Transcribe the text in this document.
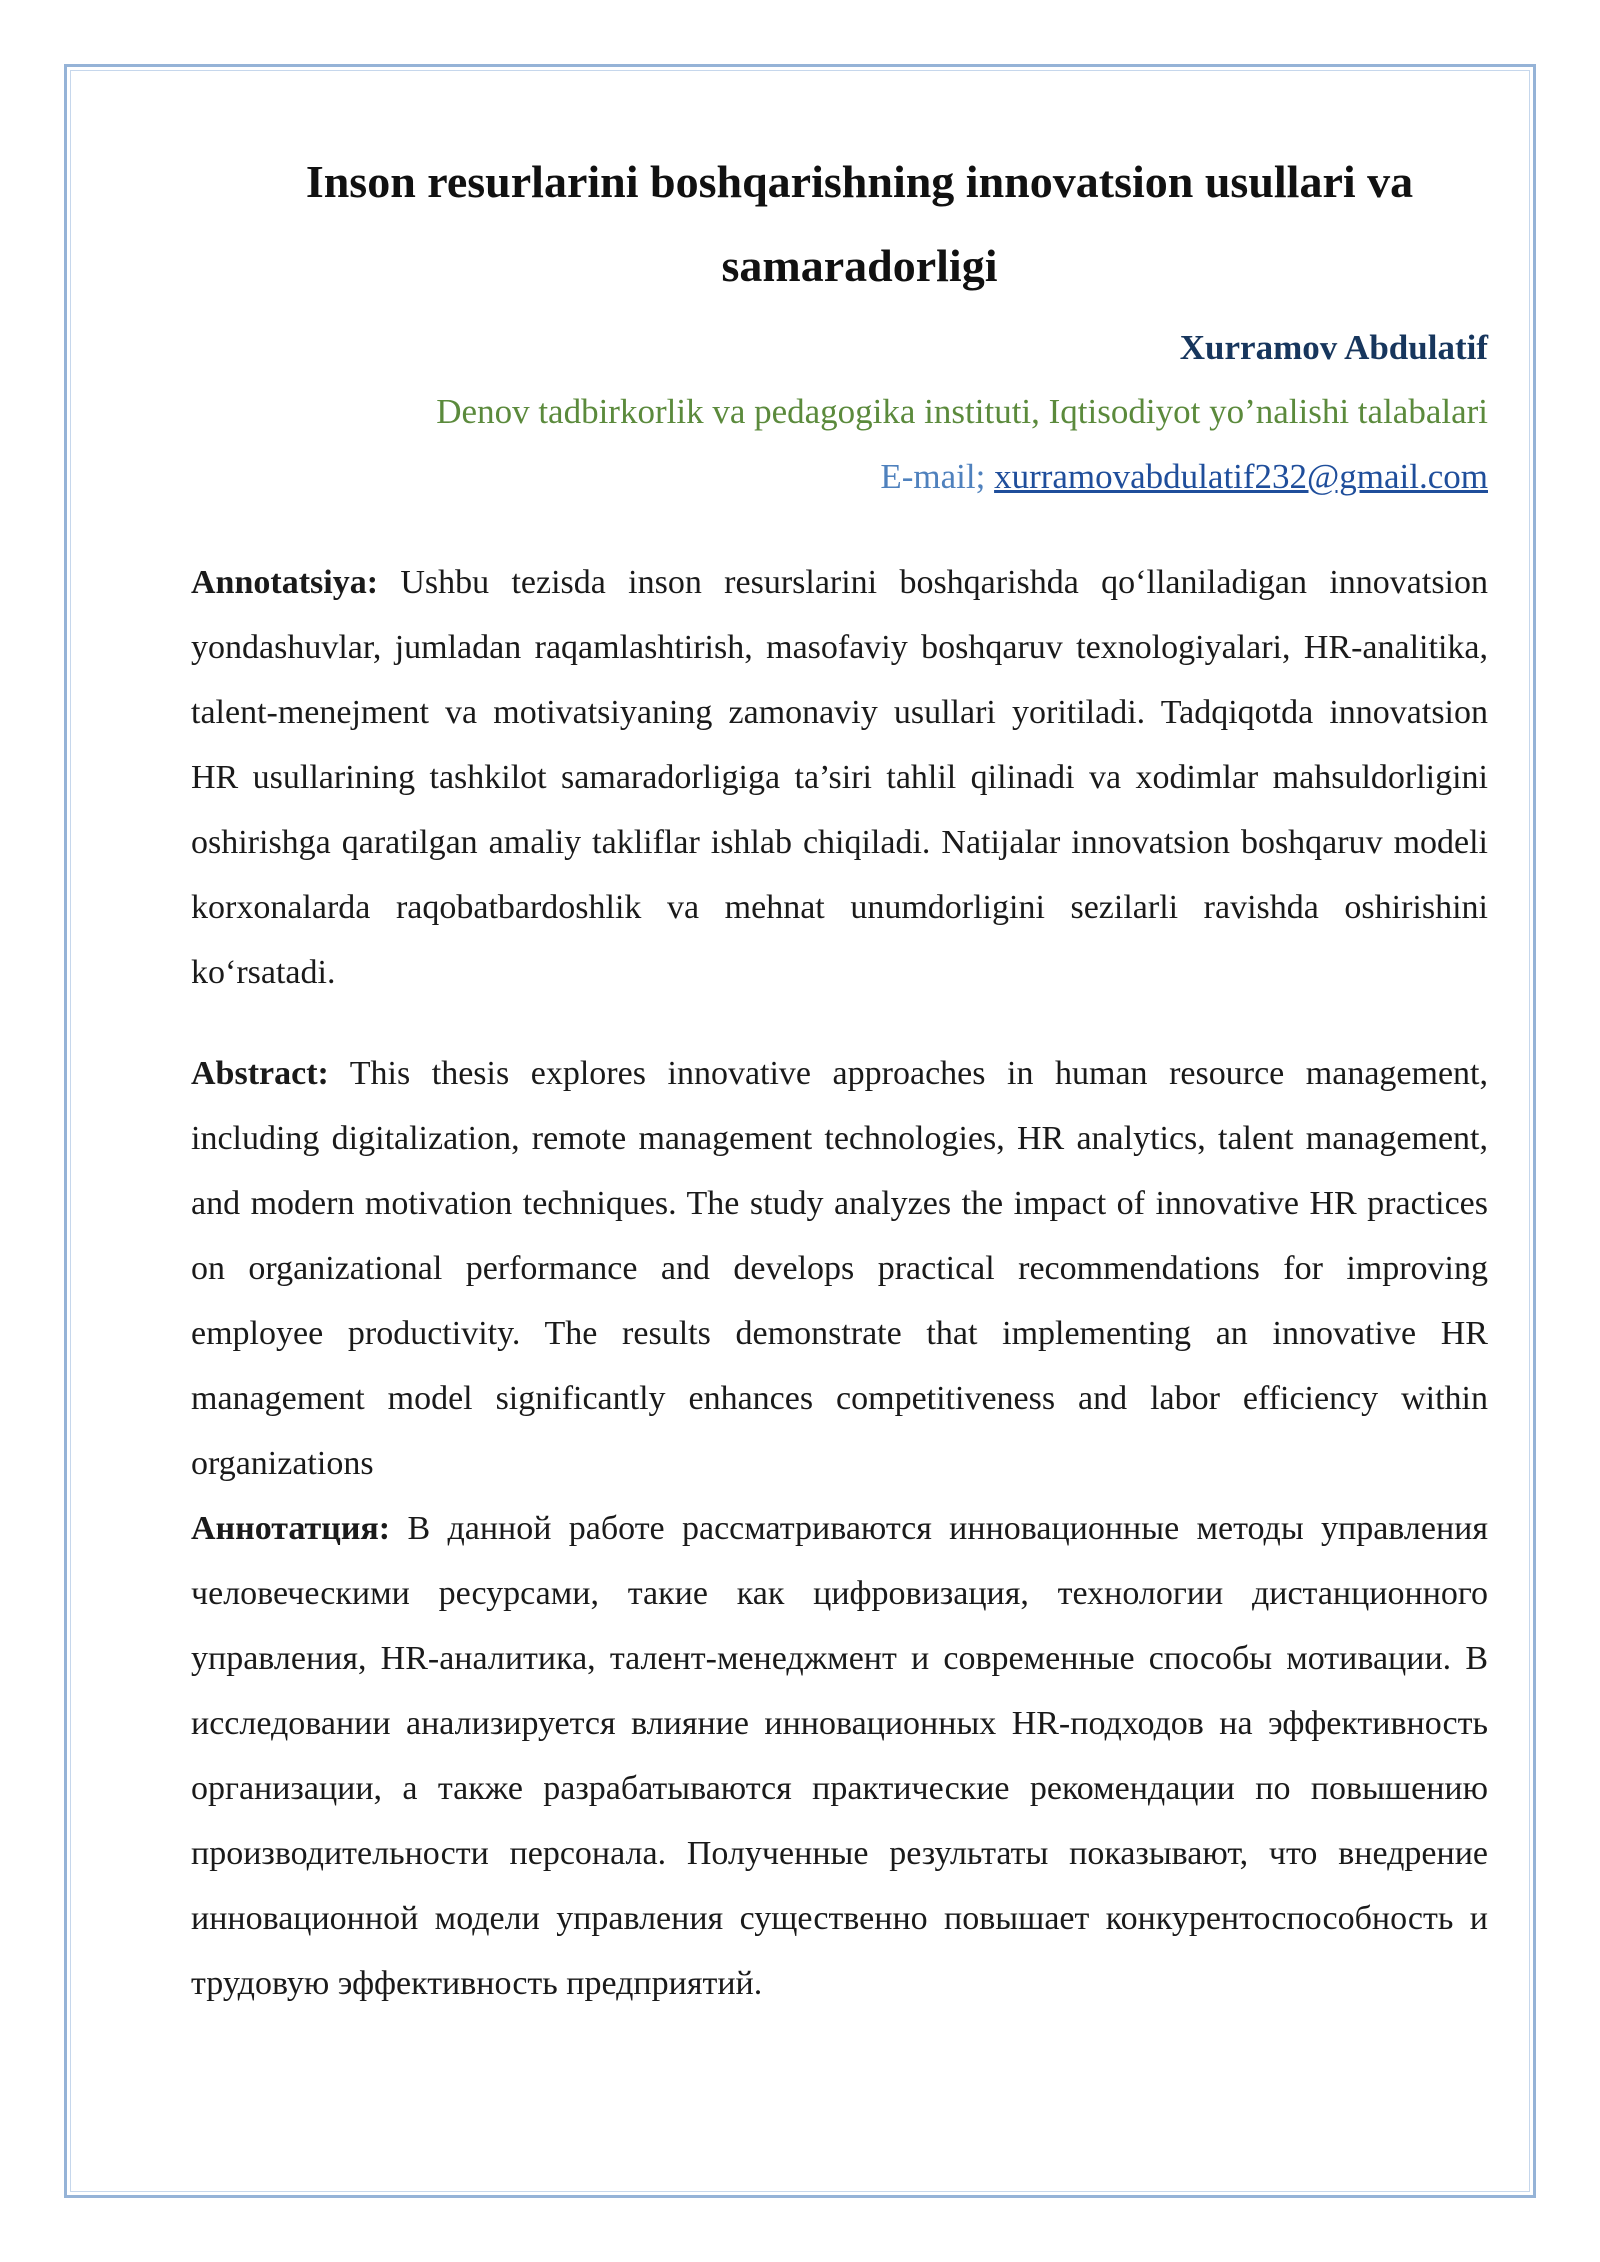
Inson resurlarini boshqarishning innovatsion usullari va samaradorligi
Xurramov Abdulatif
Denov tadbirkorlik va pedagogika instituti, Iqtisodiyot yo’nalishi talabalari
E-mail; xurramovabdulatif232@gmail.com

Annotatsiya: Ushbu tezisda inson resurslarini boshqarishda qo‘llaniladigan innovatsion yondashuvlar, jumladan raqamlashtirish, masofaviy boshqaruv texnologiyalari, HR-analitika, talent-menejment va motivatsiyaning zamonaviy usullari yoritiladi. Tadqiqotda innovatsion HR usullarining tashkilot samaradorligiga ta’siri tahlil qilinadi va xodimlar mahsuldorligini oshirishga qaratilgan amaliy takliflar ishlab chiqiladi. Natijalar innovatsion boshqaruv modeli korxonalarda raqobatbardoshlik va mehnat unumdorligini sezilarli ravishda oshirishini ko‘rsatadi.

Abstract: This thesis explores innovative approaches in human resource management, including digitalization, remote management technologies, HR analytics, talent management, and modern motivation techniques. The study analyzes the impact of innovative HR practices on organizational performance and develops practical recommendations for improving employee productivity. The results demonstrate that implementing an innovative HR management model significantly enhances competitiveness and labor efficiency within organizations

Аннотатция: В данной работе рассматриваются инновационные методы управления человеческими ресурсами, такие как цифровизация, технологии дистанционного управления, HR-аналитика, талент-менеджмент и современные способы мотивации. В исследовании анализируется влияние инновационных HR-подходов на эффективность организации, а также разрабатываются практические рекомендации по повышению производительности персонала. Полученные результаты показывают, что внедрение инновационной модели управления существенно повышает конкурентоспособность и трудовую эффективность предприятий.
